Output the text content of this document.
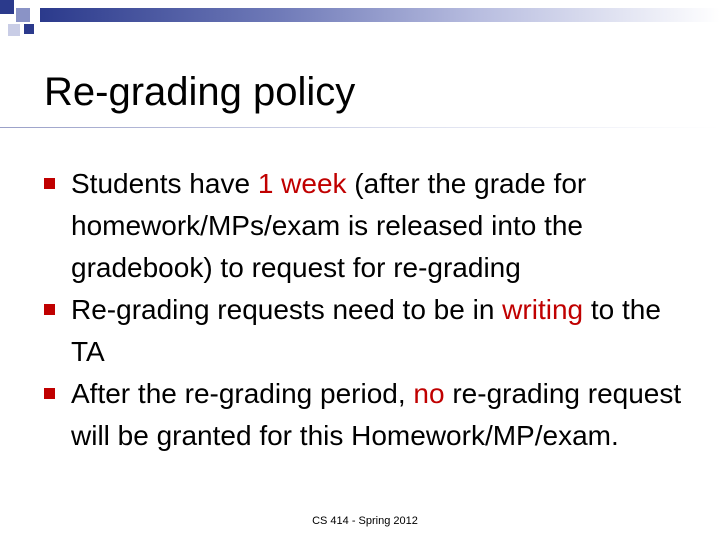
Re-grading policy
Students have 1 week (after the grade for homework/MPs/exam is released into the gradebook) to request for re-grading
Re-grading requests need to be in writing to the TA
After the re-grading period, no re-grading request will be granted for this Homework/MP/exam.
CS 414 - Spring 2012
